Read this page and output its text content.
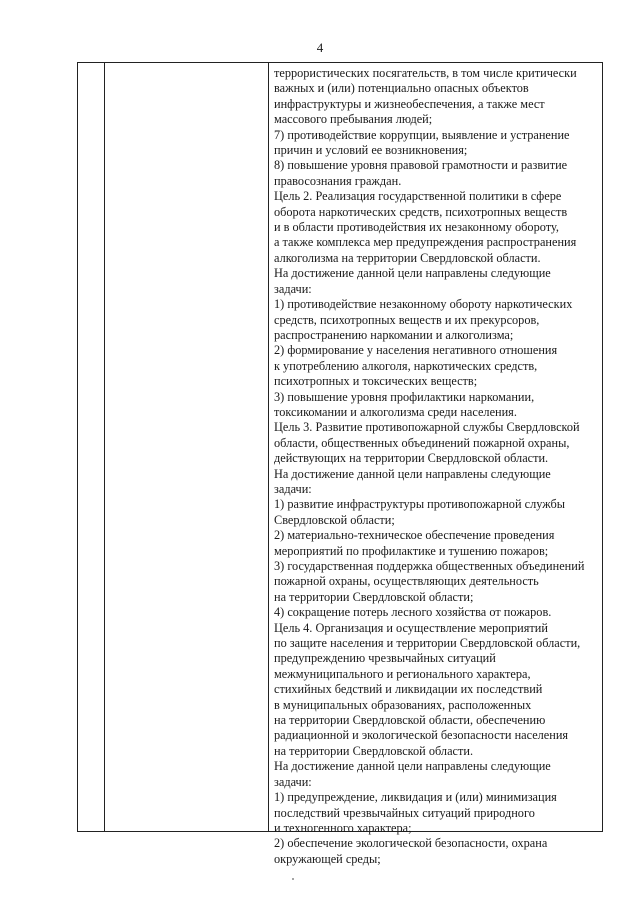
4
террористических посягательств, в том числе критически
важных и (или) потенциально опасных объектов
инфраструктуры и жизнеобеспечения, а также мест
массового пребывания людей;
7) противодействие коррупции, выявление и устранение
причин и условий ее возникновения;
8) повышение уровня правовой грамотности и развитие
правосознания граждан.
Цель 2. Реализация государственной политики в сфере
оборота наркотических средств, психотропных веществ
и в области противодействия их незаконному обороту,
а также комплекса мер предупреждения распространения
алкоголизма на территории Свердловской области.
На достижение данной цели направлены следующие
задачи:
1) противодействие незаконному обороту наркотических
средств, психотропных веществ и их прекурсоров,
распространению наркомании и алкоголизма;
2) формирование у населения негативного отношения
к употреблению алкоголя, наркотических средств,
психотропных и токсических веществ;
3) повышение уровня профилактики наркомании,
токсикомании и алкоголизма среди населения.
Цель 3. Развитие противопожарной службы Свердловской
области, общественных объединений пожарной охраны,
действующих на территории Свердловской области.
На достижение данной цели направлены следующие
задачи:
1) развитие инфраструктуры противопожарной службы
Свердловской области;
2) материально-техническое обеспечение проведения
мероприятий по профилактике и тушению пожаров;
3) государственная поддержка общественных объединений
пожарной охраны, осуществляющих деятельность
на территории Свердловской области;
4) сокращение потерь лесного хозяйства от пожаров.
Цель 4. Организация и осуществление мероприятий
по защите населения и территории Свердловской области,
предупреждению чрезвычайных ситуаций
межмуниципального и регионального характера,
стихийных бедствий и ликвидации их последствий
в муниципальных образованиях, расположенных
на территории Свердловской области, обеспечению
радиационной и экологической безопасности населения
на территории Свердловской области.
На достижение данной цели направлены следующие
задачи:
1) предупреждение, ликвидация и (или) минимизация
последствий чрезвычайных ситуаций природного
и техногенного характера;
2) обеспечение экологической безопасности, охрана
окружающей среды;
